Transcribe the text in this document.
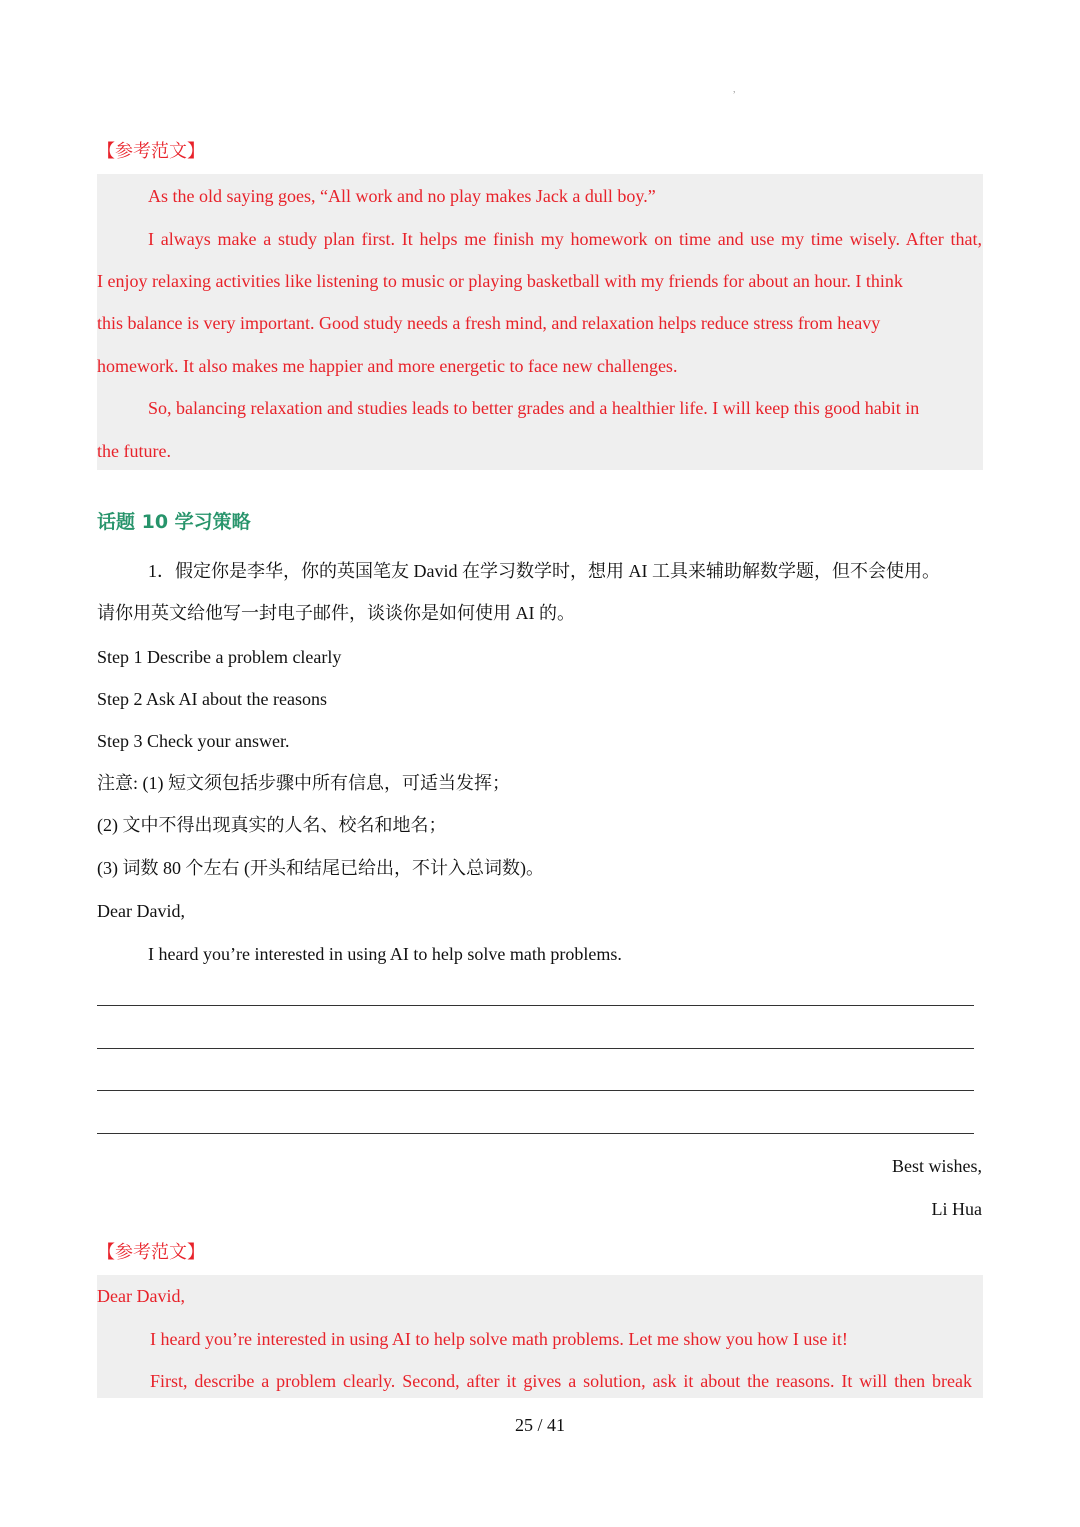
,
【参考范文】
As the old saying goes, “All work and no play makes Jack a dull boy.”
I always make a study plan first. It helps me finish my homework on time and use my time wisely. After that,
I enjoy relaxing activities like listening to music or playing basketball with my friends for about an hour. I think
this balance is very important. Good study needs a fresh mind, and relaxation helps reduce stress from heavy
homework. It also makes me happier and more energetic to face new challenges.
So, balancing relaxation and studies leads to better grades and a healthier life. I will keep this good habit in
the future.
话题 10 学习策略
1．假定你是李华，你的英国笔友 David 在学习数学时，想用 AI 工具来辅助解数学题，但不会使用。
请你用英文给他写一封电子邮件，谈谈你是如何使用 AI 的。
Step 1 Describe a problem clearly
Step 2 Ask AI about the reasons
Step 3 Check your answer.
注意: (1) 短文须包括步骤中所有信息，可适当发挥；
(2) 文中不得出现真实的人名、校名和地名；
(3) 词数 80 个左右 (开头和结尾已给出，不计入总词数)。
Dear David,
I heard you’re interested in using AI to help solve math problems.
Best wishes,
Li Hua
【参考范文】
Dear David,
I heard you’re interested in using AI to help solve math problems. Let me show you how I use it!
First, describe a problem clearly. Second, after it gives a solution, ask it about the reasons. It will then break
25 / 41
